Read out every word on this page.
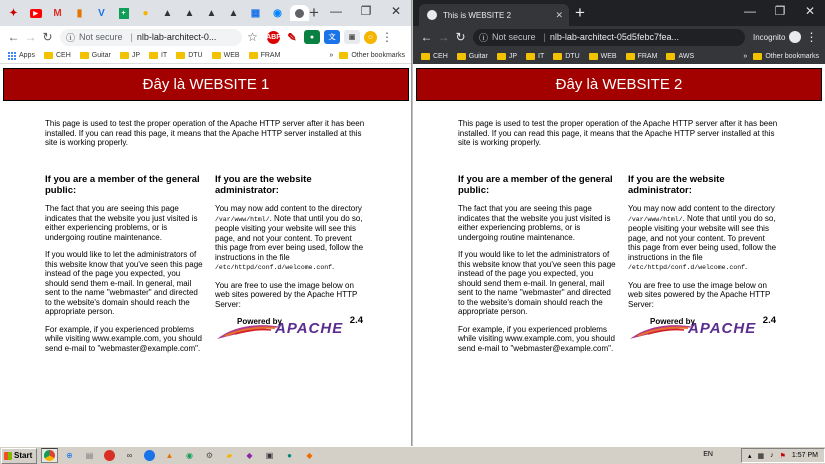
✦	▶	M	▮	V	+	●	▲	▲	▲	▲	▦	◉	+ —	❐	✕
← → ↻	ⓘ Not secure | nlb-lab-architect-0...	☆	ABP ✎	●	文	▣	☺ ⋮
Apps	CEH	Guitar	JP	IT	DTU	WEB	FRAM	»	Other bookmarks
Đây là WEBSITE 1
This page is used to test the proper operation of the Apache HTTP server after it has been installed. If you can read this page, it means that the Apache HTTP server installed at this site is working properly.
If you are a member of the general public:

The fact that you are seeing this page indicates that the website you just visited is either experiencing problems, or is undergoing routine maintenance.

If you would like to let the administrators of this website know that you've seen this page instead of the page you expected, you should send them e-mail. In general, mail sent to the name "webmaster" and directed to the website's domain should reach the appropriate person.

For example, if you experienced problems while visiting www.example.com, you should send e-mail to "webmaster@example.com".

If you are the website administrator:

You may now add content to the directory /var/www/html/. Note that until you do so, people visiting your website will see this page, and not your content. To prevent this page from ever being used, follow the instructions in the file /etc/httpd/conf.d/welcome.conf.

You are free to use the image below on web sites powered by the Apache HTTP Server:

Powered by	2.4
APACHE
This is WEBSITE 2	✕ +	—	❐	✕
← → ↻	ⓘ Not secure | nlb-lab-architect-05d5febc7fea...	Incognito ⋮
CEH	Guitar	JP	IT	DTU	WEB	FRAM	AWS	»	Other bookmarks
Đây là WEBSITE 2
This page is used to test the proper operation of the Apache HTTP server after it has been installed. If you can read this page, it means that the Apache HTTP server installed at this site is working properly.
If you are a member of the general public:

The fact that you are seeing this page indicates that the website you just visited is either experiencing problems, or is undergoing routine maintenance.

If you would like to let the administrators of this website know that you've seen this page instead of the page you expected, you should send them e-mail. In general, mail sent to the name "webmaster" and directed to the website's domain should reach the appropriate person.

For example, if you experienced problems while visiting www.example.com, you should send e-mail to "webmaster@example.com".

If you are the website administrator:

You may now add content to the directory /var/www/html/. Note that until you do so, people visiting your website will see this page, and not your content. To prevent this page from ever being used, follow the instructions in the file /etc/httpd/conf.d/welcome.conf.

You are free to use the image below on web sites powered by the Apache HTTP Server:

Powered by	2.4
APACHE
Start	⊕	▤	∞	▲	◉	⚙	▰	◆	▣	●	◆	EN	▴ ▦ ♪ ⚑ 1:57 PM
